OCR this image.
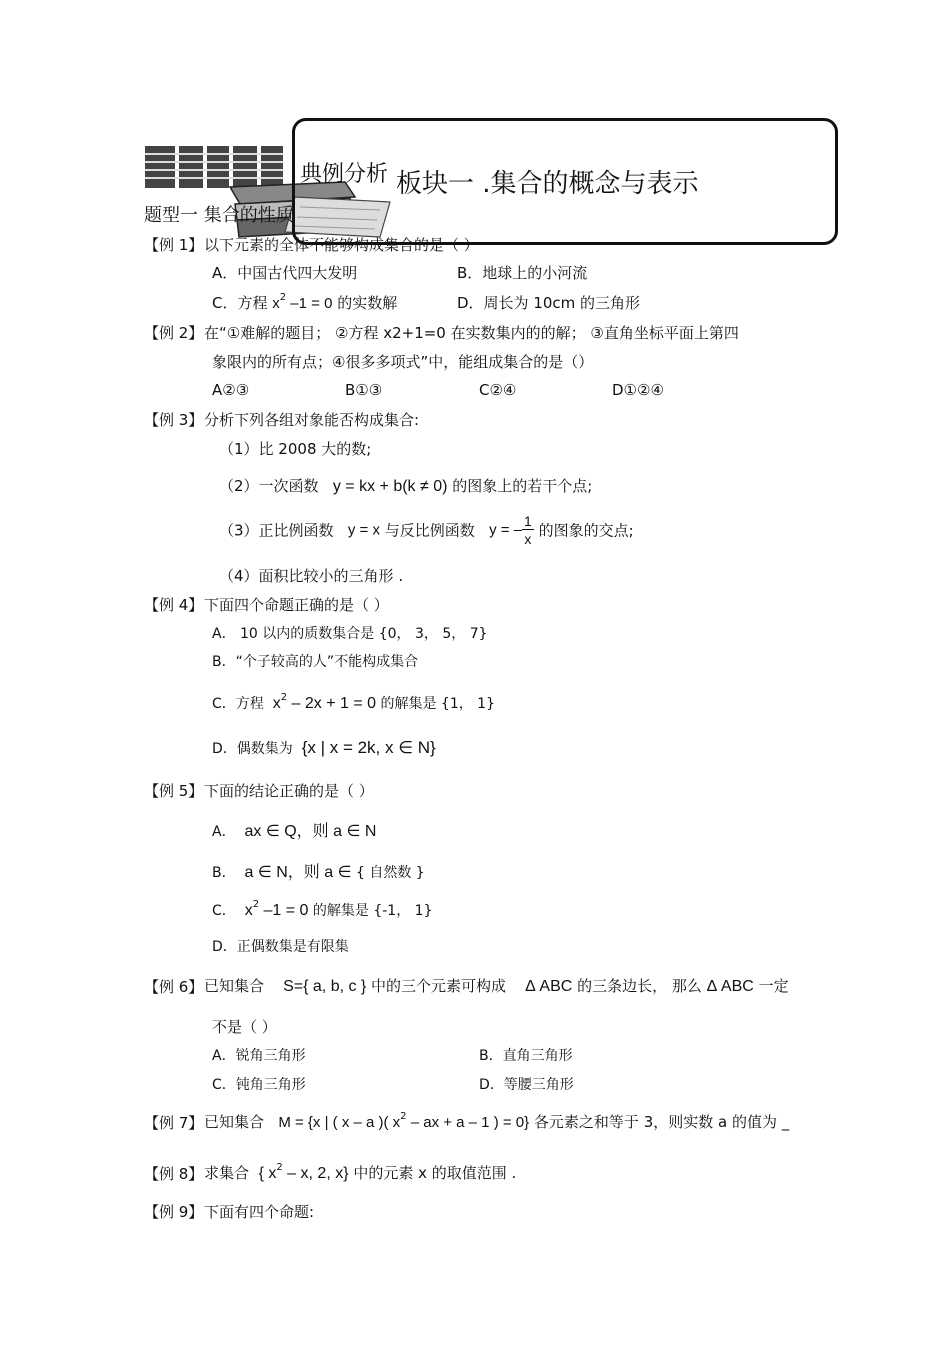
典例分析 板块一 .集合的概念与表示
题型一 集合的性质
【例 1】 以下元素的全体不能够构成集合的是（ ）
A．中国古代四大发明	B．地球上的小河流
C．方程 $x^2$ –1 = 0 的实数解	D．周长为 10cm 的三角形
【例 2】 在“①难解的题目； ②方程 x2+1=0 在实数集内的的解； ③直角坐标平面上第四
象限内的所有点；④很多多项式”中，能组成集合的是（）
A②③	B①③	C②④	D①②④
【例 3】 分析下列各组对象能否构成集合:
（1）比 2008 大的数;
（2）一次函数 y = kx + b(k ≠ 0) 的图象上的若干个点;
（3）正比例函数 y = x 与反比例函数 y = – $\frac{1}{x}$ 的图象的交点;
（4）面积比较小的三角形 .
【例 4】 下面四个命题正确的是（ ）
A． 10 以内的质数集合是 {0， 3， 5， 7}
B．“个子较高的人”不能构成集合
C．方程 $x^2 - 2x + 1 = 0$ 的解集是 {1， 1}
D．偶数集为 {x | x = 2k, x ∈ N}
【例 5】 下面的结论正确的是（ ）
A． ax ∈ Q，则 a ∈ N
B． a ∈ N，则 a ∈ { 自然数 }
C． $x^2$ –1 = 0 的解集是 {-1， 1}
D．正偶数集是有限集
【例 6】 已知集合 S={ a, b, c } 中的三个元素可构成 Δ ABC 的三条边长， 那么 Δ ABC 一定
不是（ ）
A．锐角三角形	B．直角三角形
C．钝角三角形	D．等腰三角形
【例 7】 已知集合 M = {x | ( x – a )( $x^2$ – ax + a – 1 ) = 0} 各元素之和等于 3，则实数 a 的值为 _
【例 8】 求集合 { $x^2$ – x, 2, x} 中的元素 x 的取值范围 .
【例 9】 下面有四个命题:
